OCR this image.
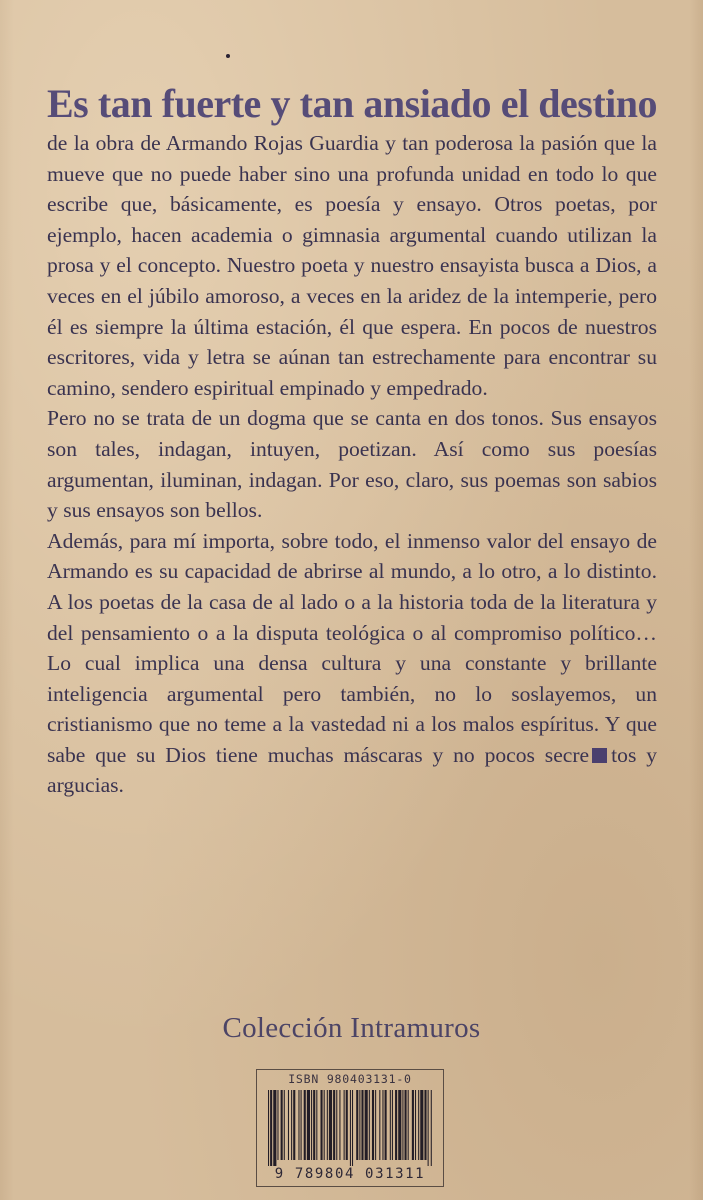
Es tan fuerte y tan ansiado el destino

de la obra de Armando Rojas Guardia y tan poderosa la pasión que la mueve que no puede haber sino una profunda unidad en todo lo que escribe que, básicamente, es poesía y ensayo. Otros poetas, por ejemplo, hacen academia o gimnasia argumental cuando utilizan la prosa y el concepto. Nuestro poeta y nuestro ensayista busca a Dios, a veces en el júbilo amoroso, a veces en la aridez de la intemperie, pero él es siempre la última estación, él que espera. En pocos de nuestros escritores, vida y letra se aúnan tan estrechamente para encontrar su camino, sendero espiritual empinado y empedrado.

Pero no se trata de un dogma que se canta en dos tonos. Sus ensayos son tales, indagan, intuyen, poetizan. Así como sus poesías argumentan, iluminan, indagan. Por eso, claro, sus poemas son sabios y sus ensayos son bellos.

Además, para mí importa, sobre todo, el inmenso valor del ensayo de Armando es su capacidad de abrirse al mundo, a lo otro, a lo distinto. A los poetas de la casa de al lado o a la historia toda de la literatura y del pensamiento o a la disputa teológica o al compromiso político… Lo cual implica una densa cultura y una constante y brillante inteligencia argumental pero también, no lo soslayemos, un cristianismo que no teme a la vastedad ni a los malos espíritus. Y que sabe que su Dios tiene muchas máscaras y no pocos secre tos y argucias.

Colección Intramuros
ISBN 980403131-0
9 789804 031311
